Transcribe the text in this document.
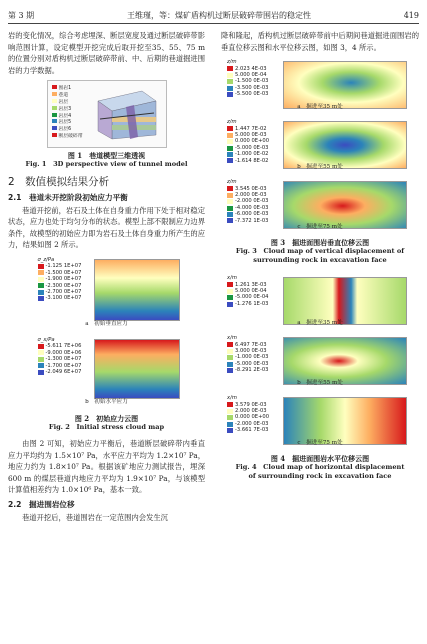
第 3 期	王维瑾，等：煤矿盾构机过断层破碎带围岩的稳定性	419

岩的变化情况，综合考虑埋深、断层宽度及通过断层破碎带影响范围计算，设定模型开挖完成后取开挖至35、55、75 m 的位置分别对盾构机过断层破碎带前、中、后期的巷道掘进围岩的力学数据。

围岩1
巷道
岩层
岩层3
岩层4
岩层5
岩层6
断层破碎带
图 1　巷道模型三维透视
Fig. 1　3D perspective view of tunnel model
2　数值模拟结果分析
2.1　巷道未开挖阶段初始应力平衡

巷道开挖前，岩石及土体在自身重力作用下处于相对稳定状态，应力也处于均匀分布的状态。模型上部不限制应力边界条件，故模型的初始应力即为岩石及土体自身重力所产生的应力，结果如图 2 所示。

σ_z/Pa
-1.125 1E+07
-1.500 0E+07
-1.900 0E+07
-2.300 0E+07
-2.700 0E+07
-3.100 0E+07
a　初始垂直应力
σ_x/Pa
-5.611 7E+06
-9.000 0E+06
-1.300 0E+07
-1.700 0E+07
-2.049 6E+07
b　初始水平应力
图 2　初始应力云图
Fig. 2　Initial stress cloud map

由图 2 可知，初始应力平衡后，巷道断层破碎带内垂直应力平均约为 1.5×10⁷ Pa，水平应力平均为 1.2×10⁷ Pa，地应力约为 1.8×10⁷ Pa。根据该矿地应力测试报告，埋深 600 m 的煤层巷道内地应力平均为 1.9×10⁷ Pa，与该模型计算值相差约为 1.0×10⁶ Pa，基本一致。

2.2　掘进围岩位移

巷道开挖后，巷道围岩在一定范围内会发生沉

降和隆起，盾构机过断层破碎带前中后期间巷道掘进面围岩的垂直位移云图和水平位移云图，如图 3，4 所示。

z/m
2.023 4E-03
5.000 0E-04
-1.500 0E-03
-3.500 0E-03
-5.500 0E-03
a　掘进至35 m处
z/m
1.447 7E-02
5.000 0E-03
0.000 0E+00
-5.000 0E-03
-1.000 0E-02
-1.614 8E-02
b　掘进至55 m处
z/m
3.545 0E-03
2.000 0E-03
-2.000 0E-03
-4.000 0E-03
-6.000 0E-03
-7.372 1E-03
c　掘进至75 m处
图 3　掘进面围岩垂直位移云图
Fig. 3　Cloud map of vertical displacement of surrounding rock in excavation face
x/m
1.261 3E-03
5.000 0E-04
-5.000 0E-04
-1.276 1E-03
a　掘进至35 m处
x/m
6.497 7E-03
3.000 0E-03
-1.000 0E-03
-5.000 0E-03
-8.291 2E-03
b　掘进至55 m处
x/m
3.579 0E-03
2.000 0E-03
0.000 0E+00
-2.000 0E-03
-3.661 7E-03
c　掘进至75 m处
图 4　掘进面围岩水平位移云图
Fig. 4　Cloud map of horizontal displacement of surrounding rock in excavation face
